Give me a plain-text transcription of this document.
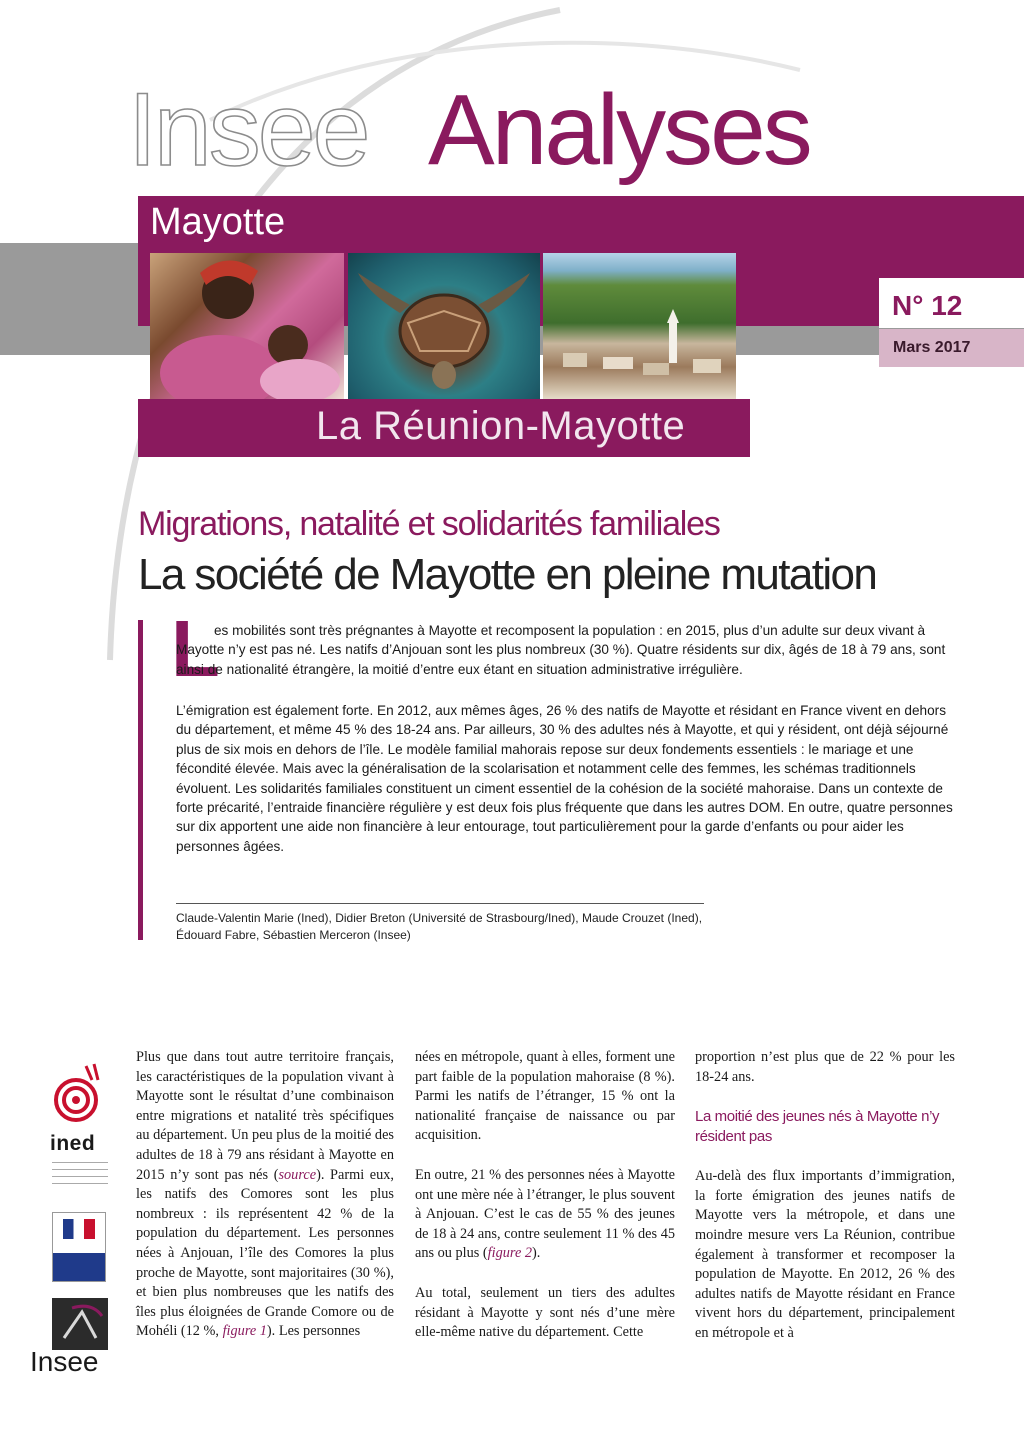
Insee Analyses
Mayotte
N° 12
Mars 2017
La Réunion-Mayotte
Migrations, natalité et solidarités familiales
La société de Mayotte en pleine mutation
L

es mobilités sont très prégnantes à Mayotte et recomposent la population : en 2015, plus d’un adulte sur deux vivant à Mayotte n’y est pas né. Les natifs d’Anjouan sont les plus nombreux (30 %). Quatre résidents sur dix, âgés de 18 à 79 ans, sont ainsi de nationalité étrangère, la moitié d’entre eux étant en situation administrative irrégulière.

L’émigration est également forte. En 2012, aux mêmes âges, 26 % des natifs de Mayotte et résidant en France vivent en dehors du département, et même 45 % des 18-24 ans. Par ailleurs, 30 % des adultes nés à Mayotte, et qui y résident, ont déjà séjourné plus de six mois en dehors de l’île. Le modèle familial mahorais repose sur deux fondements essentiels : le mariage et une fécondité élevée. Mais avec la généralisation de la scolarisation et notamment celle des femmes, les schémas traditionnels évoluent. Les solidarités familiales constituent un ciment essentiel de la cohésion de la société mahoraise. Dans un contexte de forte précarité, l’entraide financière régulière y est deux fois plus fréquente que dans les autres DOM. En outre, quatre personnes sur dix apportent une aide non financière à leur entourage, tout particulièrement pour la garde d’enfants ou pour aider les personnes âgées.

Claude-Valentin Marie (Ined), Didier Breton (Université de Strasbourg/Ined), Maude Crouzet (Ined),
Édouard Fabre, Sébastien Merceron (Insee)

ined
Insee

Plus que dans tout autre territoire français, les caractéristiques de la population vivant à Mayotte sont le résultat d’une combinaison entre migrations et natalité très spécifiques au département. Un peu plus de la moitié des adultes de 18 à 79 ans résidant à Mayotte en 2015 n’y sont pas nés (source). Parmi eux, les natifs des Comores sont les plus nombreux : ils représentent 42 % de la population du département. Les personnes nées à Anjouan, l’île des Comores la plus proche de Mayotte, sont majoritaires (30 %), et bien plus nombreuses que les natifs des îles plus éloignées de Grande Comore ou de Mohéli (12 %, figure 1). Les personnes

nées en métropole, quant à elles, forment une part faible de la population mahoraise (8 %). Parmi les natifs de l’étranger, 15 % ont la nationalité française de naissance ou par acquisition.

En outre, 21 % des personnes nées à Mayotte ont une mère née à l’étranger, le plus souvent à Anjouan. C’est le cas de 55 % des jeunes de 18 à 24 ans, contre seulement 11 % des 45 ans ou plus (figure 2).

Au total, seulement un tiers des adultes résidant à Mayotte y sont nés d’une mère elle-même native du département. Cette

proportion n’est plus que de 22 % pour les 18-24 ans.

La moitié des jeunes nés à Mayotte n’y résident pas

Au-delà des flux importants d’immigration, la forte émigration des jeunes natifs de Mayotte vers la métropole, et dans une moindre mesure vers La Réunion, contribue également à transformer et recomposer la population de Mayotte. En 2012, 26 % des adultes natifs de Mayotte résidant en France vivent hors du département, principalement en métropole et à
